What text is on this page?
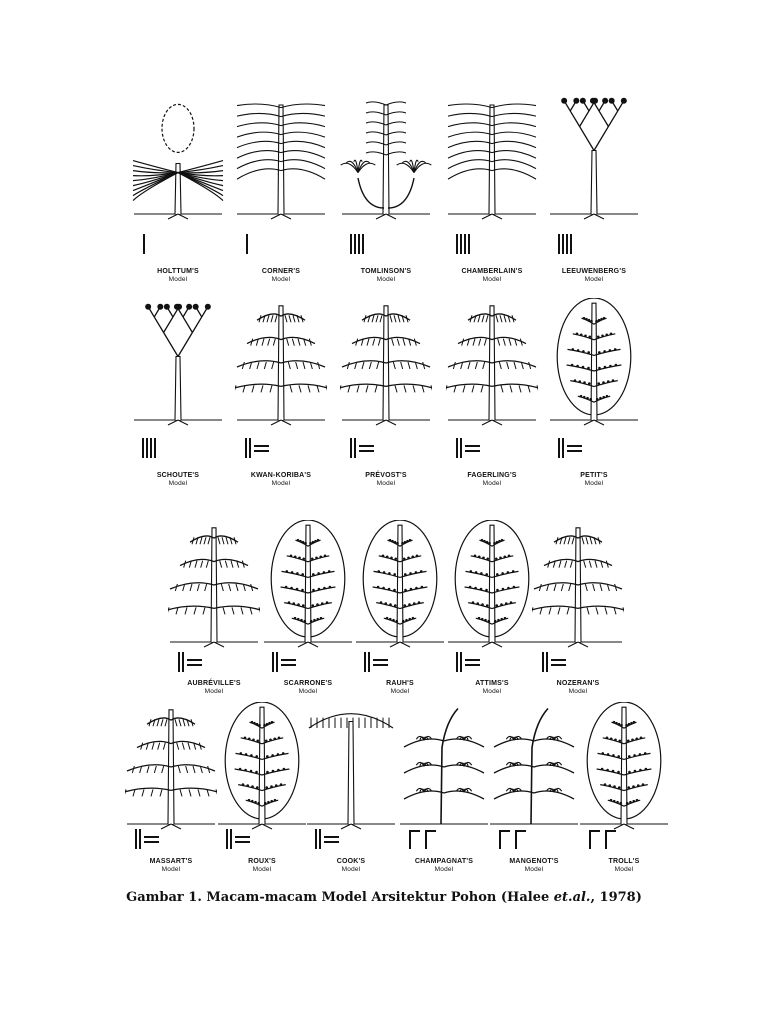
HOLTTUM'S
Model
CORNER'S
Model
TOMLINSON'S
Model
CHAMBERLAIN'S
Model
LEEUWENBERG'S
Model
SCHOUTE'S
Model
KWAN-KORIBA'S
Model
PRÉVOST'S
Model
FAGERLING'S
Model
PETIT'S
Model
AUBRÉVILLE'S
Model
SCARRONE'S
Model
RAUH'S
Model
ATTIMS'S
Model
NOZERAN'S
Model
MASSART'S
Model
ROUX'S
Model
COOK'S
Model
CHAMPAGNAT'S
Model
MANGENOT'S
Model
TROLL'S
Model
Gambar 1. Macam-macam Model Arsitektur Pohon (Halee et.al., 1978)
